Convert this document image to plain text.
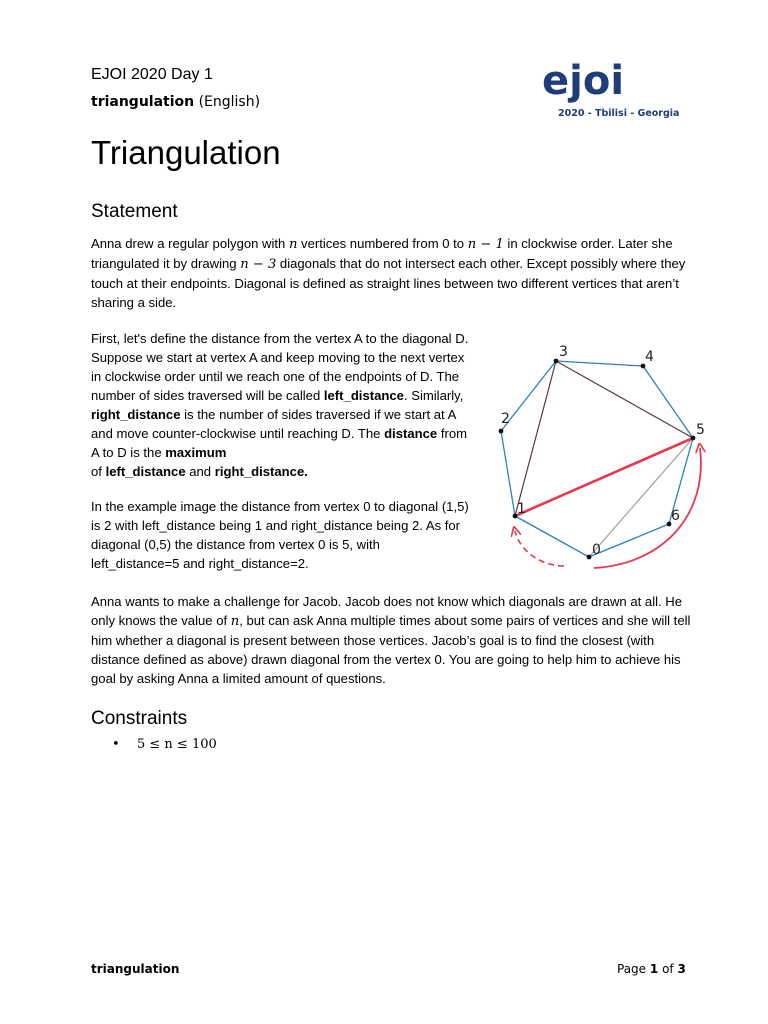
EJOI 2020 Day 1
triangulation (English)	ejoi
2020 - Tbilisi - Georgia
Triangulation
Statement

Anna drew a regular polygon with n vertices numbered from 0 to n − 1 in clockwise order. Later she triangulated it by drawing n − 3 diagonals that do not intersect each other. Except possibly where they touch at their endpoints. Diagonal is defined as straight lines between two different vertices that aren’t sharing a side.

First, let's define the distance from the vertex A to the diagonal D. Suppose we start at vertex A and keep moving to the next vertex in clockwise order until we reach one of the endpoints of D. The number of sides traversed will be called left_distance. Similarly, right_distance is the number of sides traversed if we start at A and move counter-clockwise until reaching D. The distance from A to D is the maximum
of left_distance and right_distance.

In the example image the distance from vertex 0 to diagonal (1,5) is 2 with left_distance being 1 and right_distance being 2. As for diagonal (0,5) the distance from vertex 0 is 5, with left_distance=5 and right_distance=2.

0
1
2
3	4
5
6

Anna wants to make a challenge for Jacob. Jacob does not know which diagonals are drawn at all. He only knows the value of n, but can ask Anna multiple times about some pairs of vertices and she will tell him whether a diagonal is present between those vertices. Jacob’s goal is to find the closest (with distance defined as above) drawn diagonal from the vertex 0. You are going to help him to achieve his goal by asking Anna a limited amount of questions.

Constraints
• 5 ≤ n ≤ 100
triangulation	Page 1 of 3
